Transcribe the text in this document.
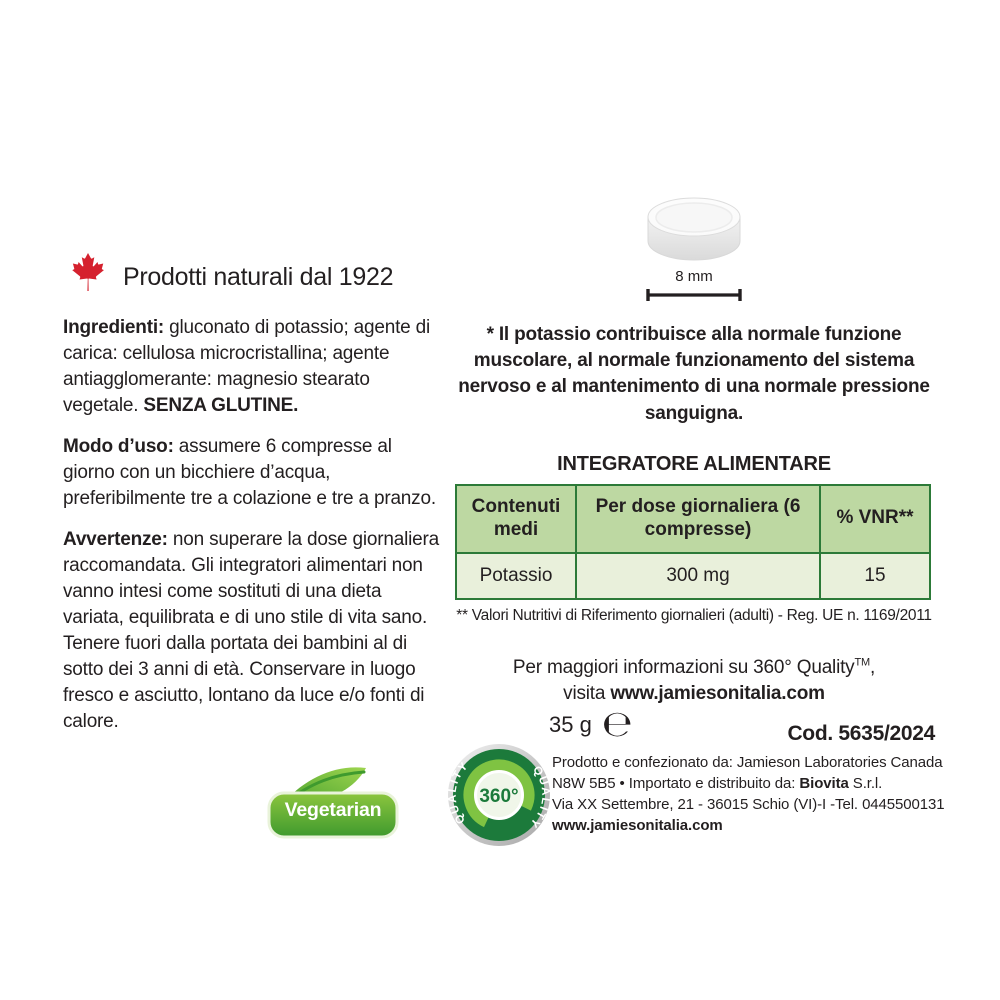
Prodotti naturali dal 1922

Ingredienti: gluconato di potassio; agente di carica: cellulosa microcristallina; agente antiagglomerante: magnesio stearato vegetale. SENZA GLUTINE.

Modo d’uso: assumere 6 compresse al giorno con un bicchiere d’acqua, preferibilmente tre a colazione e tre a pranzo.

Avvertenze: non superare la dose giornaliera raccomandata. Gli integratori alimentari non vanno intesi come sostituti di una dieta variata, equilibrata e di uno stile di vita sano. Tenere fuori dalla portata dei bambini al di sotto dei 3 anni di età. Conservare in luogo fresco e asciutto, lontano da luce e/o fonti di calore.

8 mm

* Il potassio contribuisce alla normale funzione muscolare, al normale funzionamento del sistema nervoso e al mantenimento di una normale pressione sanguigna.

INTEGRATORE ALIMENTARE
Contenuti medi	Per dose giornaliera (6 compresse)	% VNR**
Potassio	300 mg	15

** Valori Nutritivi di Riferimento giornalieri (adulti) - Reg. UE n. 1169/2011

Per maggiori informazioni su 360° Quality™,
visita www.jamiesonitalia.com

35 g ℮	Cod. 5635/2024
Prodotto e confezionato da: Jamieson Laboratories Canada
N8W 5B5 • Importato e distribuito da: Biovita S.r.l.
Via XX Settembre, 21 - 36015 Schio (VI)-I -Tel. 0445500131
www.jamiesonitalia.com
Vegetarian
360°
QUALITY	QUALITY
